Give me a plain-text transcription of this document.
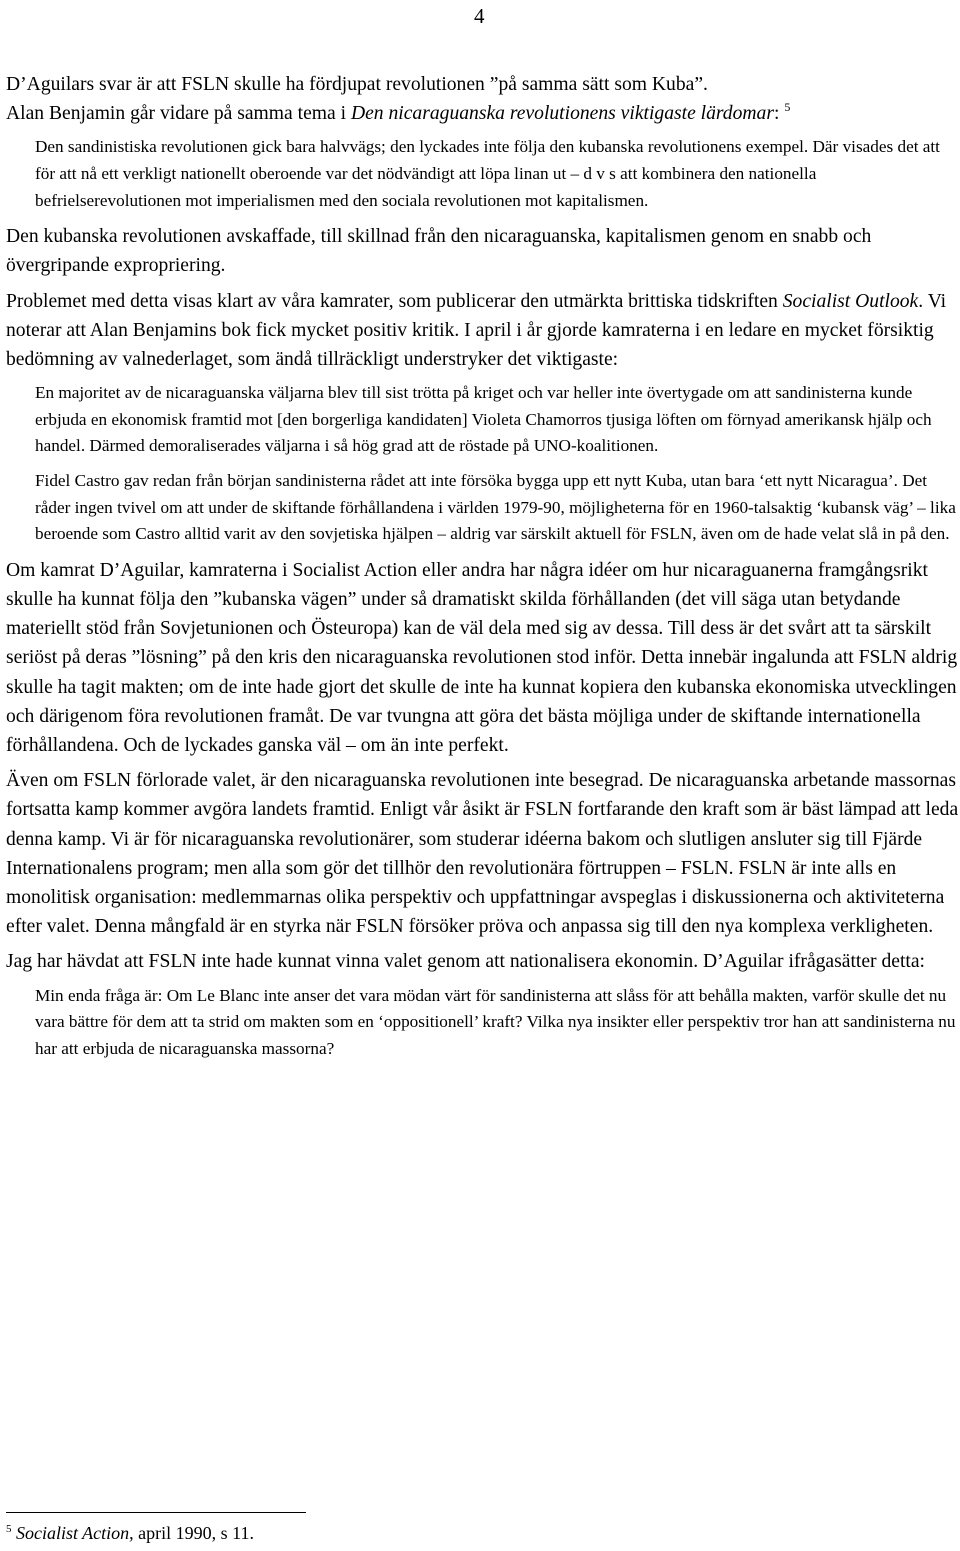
4

D’Aguilars svar är att FSLN skulle ha fördjupat revolutionen ”på samma sätt som Kuba”.
Alan Benjamin går vidare på samma tema i Den nicaraguanska revolutionens viktigaste lärdomar: $^5$

Den sandinistiska revolutionen gick bara halvvägs; den lyckades inte följa den kubanska revolutionens exempel. Där visades det att för att nå ett verkligt nationellt oberoende var det nödvändigt att löpa linan ut – d v s att kombinera den nationella befrielserevolutionen mot imperialismen med den sociala revolutionen mot kapitalismen.

Den kubanska revolutionen avskaffade, till skillnad från den nicaraguanska, kapitalismen genom en snabb och övergripande expropriering.

Problemet med detta visas klart av våra kamrater, som publicerar den utmärkta brittiska tidskriften Socialist Outlook. Vi noterar att Alan Benjamins bok fick mycket positiv kritik. I april i år gjorde kamraterna i en ledare en mycket försiktig bedömning av valnederlaget, som ändå tillräckligt understryker det viktigaste:

En majoritet av de nicaraguanska väljarna blev till sist trötta på kriget och var heller inte övertygade om att sandinisterna kunde erbjuda en ekonomisk framtid mot [den borgerliga kandidaten] Violeta Chamorros tjusiga löften om förnyad amerikansk hjälp och handel. Därmed demoraliserades väljarna i så hög grad att de röstade på UNO-koalitionen.

Fidel Castro gav redan från början sandinisterna rådet att inte försöka bygga upp ett nytt Kuba, utan bara ‘ett nytt Nicaragua’. Det råder ingen tvivel om att under de skiftande förhållandena i världen 1979-90, möjligheterna för en 1960-talsaktig ‘kubansk väg’ – lika beroende som Castro alltid varit av den sovjetiska hjälpen – aldrig var särskilt aktuell för FSLN, även om de hade velat slå in på den.

Om kamrat D’Aguilar, kamraterna i Socialist Action eller andra har några idéer om hur nicaraguanerna framgångsrikt skulle ha kunnat följa den ”kubanska vägen” under så dramatiskt skilda förhållanden (det vill säga utan betydande materiellt stöd från Sovjetunionen och Östeuropa) kan de väl dela med sig av dessa. Till dess är det svårt att ta särskilt seriöst på deras ”lösning” på den kris den nicaraguanska revolutionen stod inför. Detta innebär ingalunda att FSLN aldrig skulle ha tagit makten; om de inte hade gjort det skulle de inte ha kunnat kopiera den kubanska ekonomiska utvecklingen och därigenom föra revolutionen framåt. De var tvungna att göra det bästa möjliga under de skiftande internationella förhållandena. Och de lyckades ganska väl – om än inte perfekt.

Även om FSLN förlorade valet, är den nicaraguanska revolutionen inte besegrad. De nicaraguanska arbetande massornas fortsatta kamp kommer avgöra landets framtid. Enligt vår åsikt är FSLN fortfarande den kraft som är bäst lämpad att leda denna kamp. Vi är för nicaraguanska revolutionärer, som studerar idéerna bakom och slutligen ansluter sig till Fjärde Internationalens program; men alla som gör det tillhör den revolutionära förtruppen – FSLN. FSLN är inte alls en monolitisk organisation: medlemmarnas olika perspektiv och uppfattningar avspeglas i diskussionerna och aktiviteterna efter valet. Denna mångfald är en styrka när FSLN försöker pröva och anpassa sig till den nya komplexa verkligheten.

Jag har hävdat att FSLN inte hade kunnat vinna valet genom att nationalisera ekonomin. D’Aguilar ifrågasätter detta:

Min enda fråga är: Om Le Blanc inte anser det vara mödan värt för sandinisterna att slåss för att behålla makten, varför skulle det nu vara bättre för dem att ta strid om makten som en ‘oppositionell’ kraft? Vilka nya insikter eller perspektiv tror han att sandinisterna nu har att erbjuda de nicaraguanska massorna?

$^5$ Socialist Action, april 1990, s 11.
